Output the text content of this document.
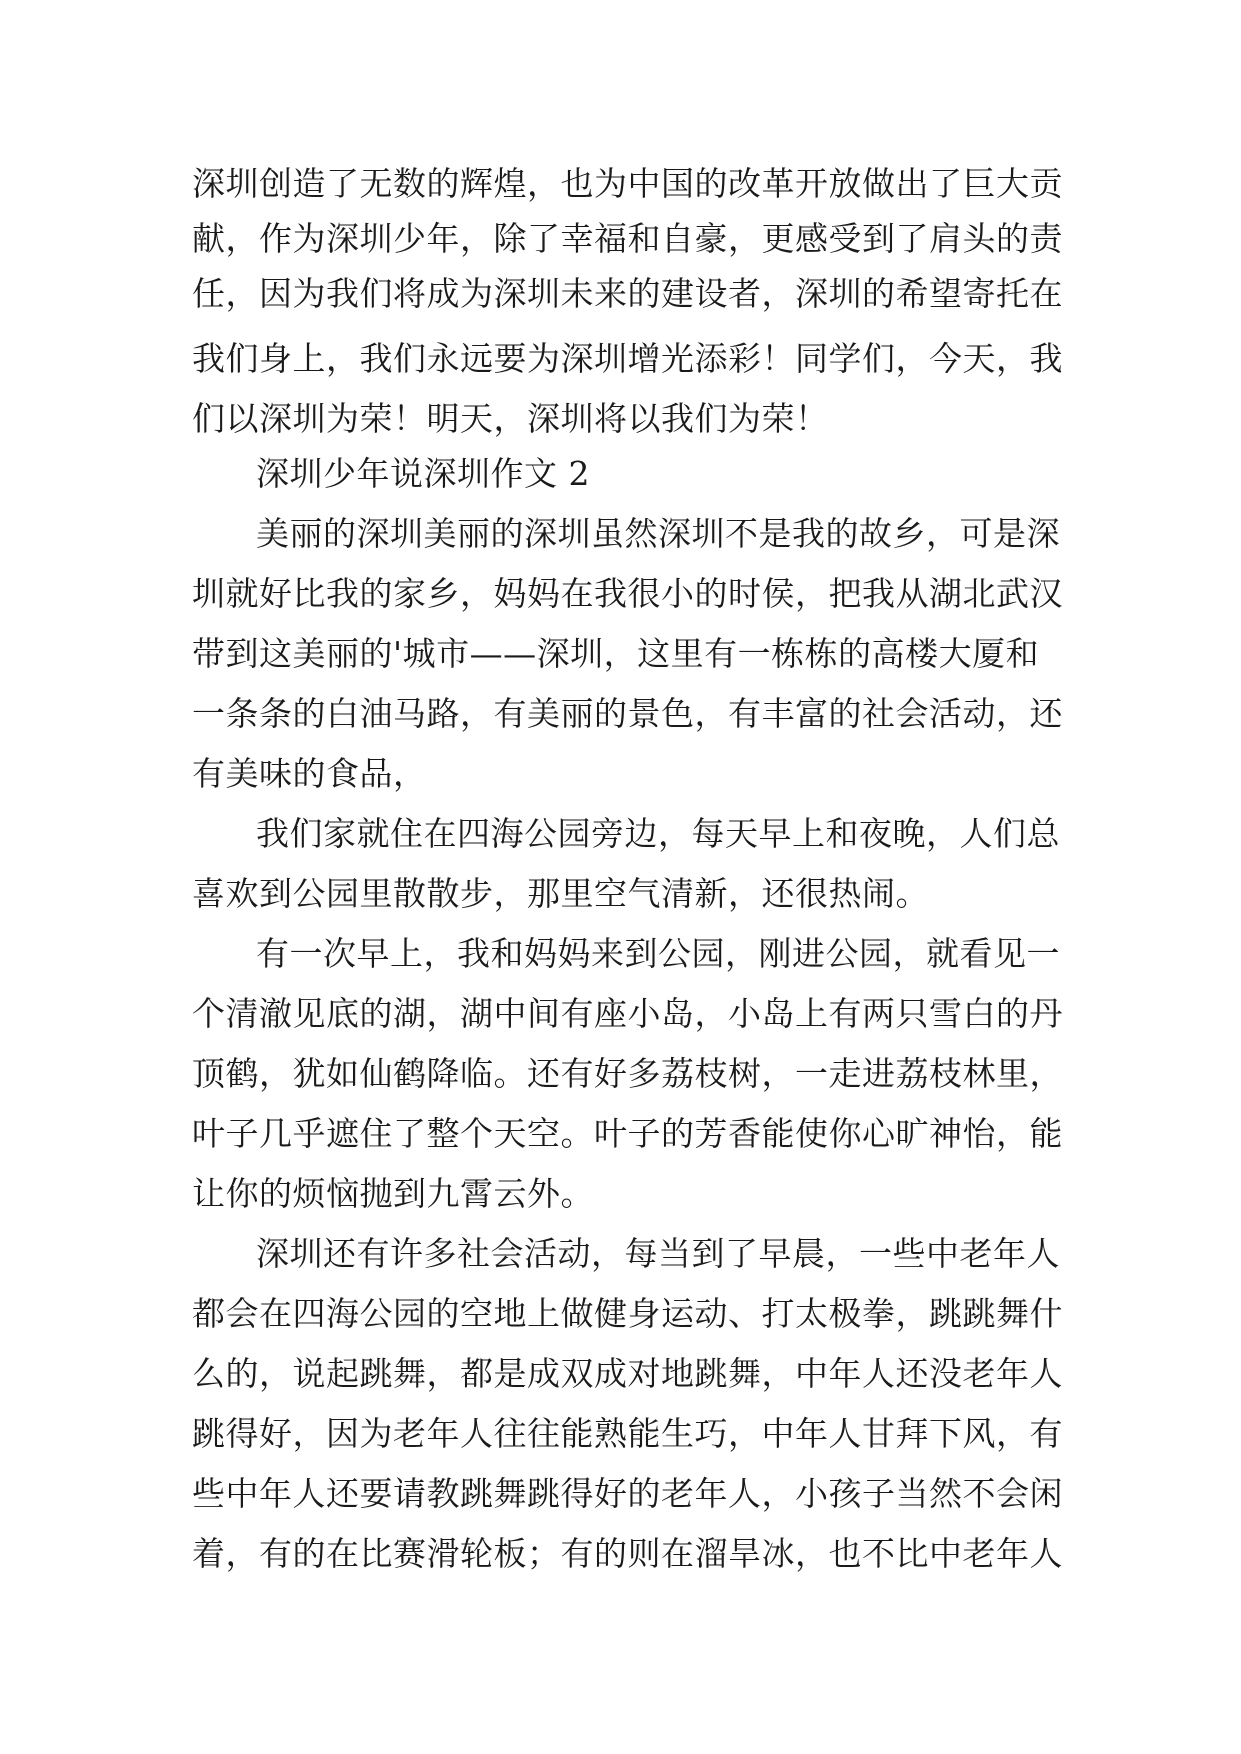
深圳创造了无数的辉煌，也为中国的改革开放做出了巨大贡
献，作为深圳少年，除了幸福和自豪，更感受到了肩头的责
任，因为我们将成为深圳未来的建设者，深圳的希望寄托在
我们身上，我们永远要为深圳增光添彩！同学们，今天，我
们以深圳为荣！明天，深圳将以我们为荣！
深圳少年说深圳作文 2
美丽的深圳美丽的深圳虽然深圳不是我的故乡，可是深
圳就好比我的家乡，妈妈在我很小的时侯，把我从湖北武汉
带到这美丽的'城市——深圳，这里有一栋栋的高楼大厦和
一条条的白油马路，有美丽的景色，有丰富的社会活动，还
有美味的食品，
我们家就住在四海公园旁边，每天早上和夜晚，人们总
喜欢到公园里散散步，那里空气清新，还很热闹。
有一次早上，我和妈妈来到公园，刚进公园，就看见一
个清澈见底的湖，湖中间有座小岛，小岛上有两只雪白的丹
顶鹤，犹如仙鹤降临。还有好多荔枝树，一走进荔枝林里，
叶子几乎遮住了整个天空。叶子的芳香能使你心旷神怡，能
让你的烦恼抛到九霄云外。
深圳还有许多社会活动，每当到了早晨，一些中老年人
都会在四海公园的空地上做健身运动、打太极拳，跳跳舞什
么的，说起跳舞，都是成双成对地跳舞，中年人还没老年人
跳得好，因为老年人往往能熟能生巧，中年人甘拜下风，有
些中年人还要请教跳舞跳得好的老年人，小孩子当然不会闲
着，有的在比赛滑轮板；有的则在溜旱冰，也不比中老年人
